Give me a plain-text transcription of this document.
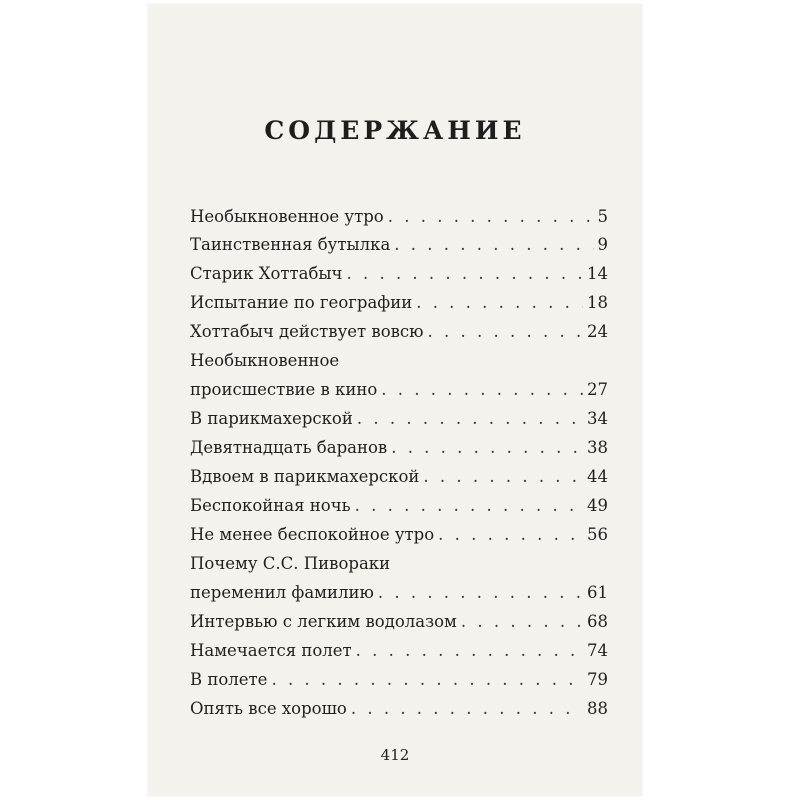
СОДЕРЖАНИЕ
Необыкновенное утро . . .	5
Таинственная бутылка . . .	9
Старик Хоттабыч . . .	14
Испытание по географии . . .	18
Хоттабыч действует вовсю . . .	24
Необыкновенное
происшествие в кино . . .	27
В парикмахерской . . .	34
Девятнадцать баранов . . .	38
Вдвоем в парикмахерской . . .	44
Беспокойная ночь . . .	49
Не менее беспокойное утро . . .	56
Почему С.С. Пивораки
переменил фамилию . . .	61
Интервью с легким водолазом . . .	68
Намечается полет . . .	74
В полете . . .	79
Опять все хорошо . . .	88
412
